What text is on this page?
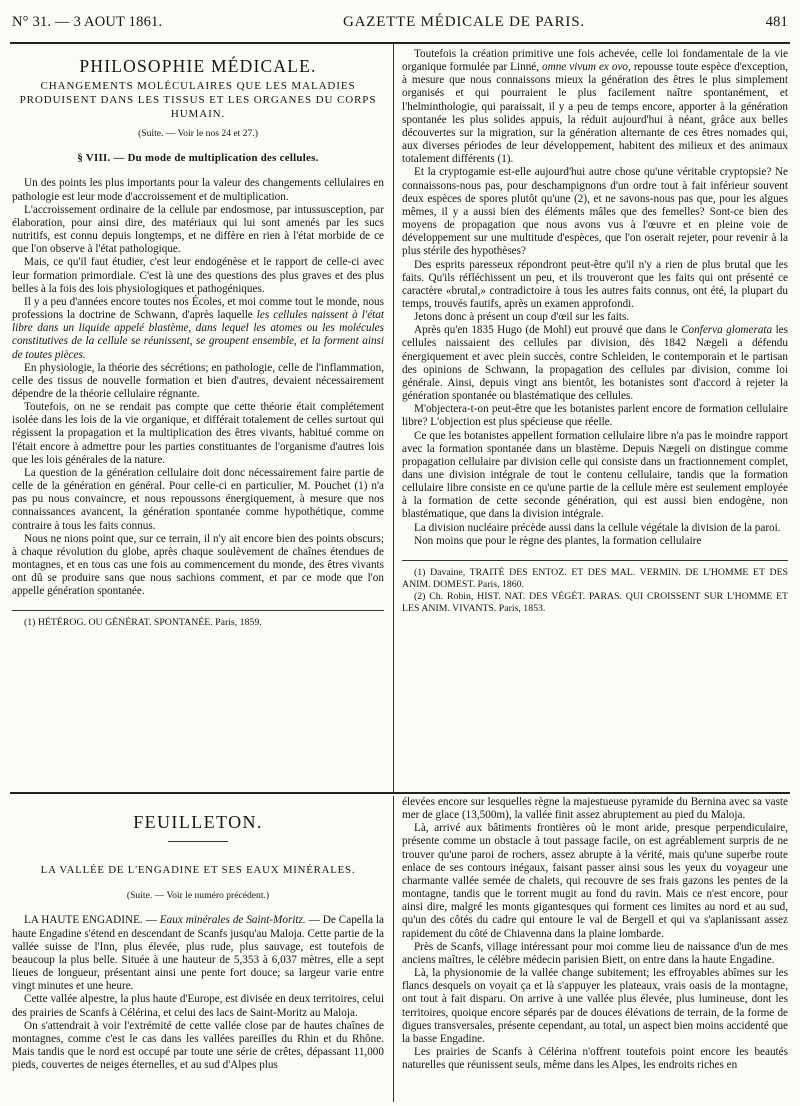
N° 31. — 3 AOUT 1861.	GAZETTE MÉDICALE DE PARIS.	481
PHILOSOPHIE MÉDICALE.
CHANGEMENTS MOLÉCULAIRES QUE LES MALADIES PRODUISENT DANS LES TISSUS ET LES ORGANES DU CORPS HUMAIN.
(Suite. — Voir le nos 24 et 27.)
§ VIII. — Du mode de multiplication des cellules.

Un des points les plus importants pour la valeur des changements cellulaires en pathologie est leur mode d'accroissement et de multiplication.

L'accroissement ordinaire de la cellule par endosmose, par intussusception, par élaboration, pour ainsi dire, des matériaux qui lui sont amenés par les sucs nutritifs, est connu depuis longtemps, et ne diffère en rien à l'état morbide de ce que l'on observe à l'état pathologique.

Mais, ce qu'il faut étudier, c'est leur endogénèse et le rapport de celle-ci avec leur formation primordiale. C'est là une des questions des plus graves et des plus belles à la fois des lois physiologiques et pathogéniques.

Il y a peu d'années encore toutes nos Écoles, et moi comme tout le monde, nous professions la doctrine de Schwann, d'après laquelle les cellules naissent à l'état libre dans un liquide appelé blastème, dans lequel les atomes ou les molécules constitutives de la cellule se réunissent, se groupent ensemble, et la forment ainsi de toutes pièces.

En physiologie, la théorie des sécrétions; en pathologie, celle de l'inflammation, celle des tissus de nouvelle formation et bien d'autres, devaient nécessairement dépendre de la théorie cellulaire régnante.

Toutefois, on ne se rendait pas compte que cette théorie était complétement isolée dans les lois de la vie organique, et différait totalement de celles surtout qui régissent la propagation et la multiplication des êtres vivants, habitué comme on l'était encore à admettre pour les parties constituantes de l'organisme d'autres lois que les lois générales de la nature.

La question de la génération cellulaire doit donc nécessairement faire partie de celle de la génération en général. Pour celle-ci en particulier, M. Pouchet (1) n'a pas pu nous convaincre, et nous repoussons énergiquement, à mesure que nos connaissances avancent, la génération spontanée comme hypothétique, comme contraire à tous les faits connus.

Nous ne nions point que, sur ce terrain, il n'y ait encore bien des points obscurs; à chaque révolution du globe, après chaque soulèvement de chaînes étendues de montagnes, et en tous cas une fois au commencement du monde, des êtres vivants ont dû se produire sans que nous sachions comment, et par ce mode que l'on appelle génération spontanée.

(1) HÉTÉROG. OU GÉNÉRAT. SPONTANÉE. Paris, 1859.

Toutefois la création primitive une fois achevée, celle loi fondamentale de la vie organique formulée par Linné, omne vivum ex ovo, repousse toute espèce d'exception, à mesure que nous connaissons mieux la génération des êtres le plus simplement organisés et qui pourraient le plus facilement naître spontanément, et l'helminthologie, qui paraissait, il y a peu de temps encore, apporter à la génération spontanée les plus solides appuis, la réduit aujourd'hui à néant, grâce aux belles découvertes sur la migration, sur la génération alternante de ces êtres nomades qui, aux diverses périodes de leur développement, habitent des milieux et des animaux totalement différents (1).

Et la cryptogamie est-elle aujourd'hui autre chose qu'une véritable cryptopsie? Ne connaissons-nous pas, pour deschampignons d'un ordre tout à fait inférieur souvent deux espèces de spores plutôt qu'une (2), et ne savons-nous pas que, pour les algues mêmes, il y a aussi bien des éléments mâles que des femelles? Sont-ce bien des moyens de propagation que nous avons vus à l'œuvre et en pleine voie de développement sur une multitude d'espèces, que l'on oserait rejeter, pour revenir à la plus stérile des hypothèses?

Des esprits paresseux répondront peut-être qu'il n'y a rien de plus brutal que les faits. Qu'ils réfléchissent un peu, et ils trouveront que les faits qui ont présenté ce caractère «brutal,» contradictoire à tous les autres faits connus, ont été, la plupart du temps, trouvés fautifs, après un examen approfondi.

Jetons donc à présent un coup d'œil sur les faits.

Après qu'en 1835 Hugo (de Mohl) eut prouvé que dans le Conferva glomerata les cellules naissaient des cellules par division, dès 1842 Nægeli a défendu énergiquement et avec plein succès, contre Schleiden, le contemporain et le partisan des opinions de Schwann, la propagation des cellules par division, comme loi générale. Ainsi, depuis vingt ans bientôt, les botanistes sont d'accord à rejeter la génération spontanée ou blastématique des cellules.

M'objectera-t-on peut-être que les botanistes parlent encore de formation cellulaire libre? L'objection est plus spécieuse que réelle.

Ce que les botanistes appellent formation cellulaire libre n'a pas le moindre rapport avec la formation spontanée dans un blastème. Depuis Nægeli on distingue comme propagation cellulaire par division celle qui consiste dans un fractionnement complet, dans une division intégrale de tout le contenu cellulaire, tandis que la formation cellulaire libre consiste en ce qu'une partie de la cellule mère est seulement employée à la formation de cette seconde génération, qui est aussi bien endogène, non blastématique, que dans la division intégrale.

La division nucléaire précède aussi dans la cellule végétale la division de la paroi.

Non moins que pour le règne des plantes, la formation cellulaire

(1) Davaine, TRAITÉ DES ENTOZ. ET DES MAL. VERMIN. DE L'HOMME ET DES ANIM. DOMEST. Paris, 1860.

(2) Ch. Robin, HIST. NAT. DES VÉGÉT. PARAS. QUI CROISSENT SUR L'HOMME ET LES ANIM. VIVANTS. Paris, 1853.

FEUILLETON.
LA VALLÉE DE L'ENGADINE ET SES EAUX MINÉRALES.
(Suite. — Voir le numéro précédent.)

LA HAUTE ENGADINE. — Eaux minérales de Saint-Moritz. — De Capella la haute Engadine s'étend en descendant de Scanfs jusqu'au Maloja. Cette partie de la vallée suisse de l'Inn, plus élevée, plus rude, plus sauvage, est toutefois de beaucoup la plus belle. Située à une hauteur de 5,353 à 6,037 mètres, elle a sept lieues de longueur, présentant ainsi une pente fort douce; sa largeur varie entre vingt minutes et une heure.

Cette vallée alpestre, la plus haute d'Europe, est divisée en deux territoires, celui des prairies de Scanfs à Célérina, et celui des lacs de Saint-Moritz au Maloja.

On s'attendrait à voir l'extrémité de cette vallée close par de hautes chaînes de montagnes, comme c'est le cas dans les vallées pareilles du Rhin et du Rhône. Mais tandis que le nord est occupé par toute une série de crêtes, dépassant 11,000 pieds, couvertes de neiges éternelles, et au sud d'Alpes plus

élevées encore sur lesquelles règne la majestueuse pyramide du Bernina avec sa vaste mer de glace (13,500m), la vallée finit assez abruptement au pied du Maloja.

Là, arrivé aux bâtiments frontières où le mont aride, presque perpendiculaire, présente comme un obstacle à tout passage facile, on est agréablement surpris de ne trouver qu'une paroi de rochers, assez abrupte à la vérité, mais qu'une superbe route enlace de ses contours inégaux, faisant passer ainsi sous les yeux du voyageur une charmante vallée semée de chalets, qui recouvre de ses frais gazons les pentes de la montagne, tandis que le torrent mugit au fond du ravin. Mais ce n'est encore, pour ainsi dire, malgré les monts gigantesques qui forment ces limites au nord et au sud, qu'un des côtés du cadre qui entoure le val de Bergell et qui va s'aplanissant assez rapidement du côté de Chiavenna dans la plaine lombarde.

Près de Scanfs, village intéressant pour moi comme lieu de naissance d'un de mes anciens maîtres, le célèbre médecin parisien Biett, on entre dans la haute Engadine.

Là, la physionomie de la vallée change subitement; les effroyables abîmes sur les flancs desquels on voyait ça et là s'appuyer les plateaux, vrais oasis de la montagne, ont tout à fait disparu. On arrive à une vallée plus élevée, plus lumineuse, dont les territoires, quoique encore séparés par de douces élévations de terrain, de la forme de digues transversales, présente cependant, au total, un aspect bien moins accidenté que la basse Engadine.

Les prairies de Scanfs à Célérina n'offrent toutefois point encore les beautés naturelles que réunissent seuls, même dans les Alpes, les endroits riches en
